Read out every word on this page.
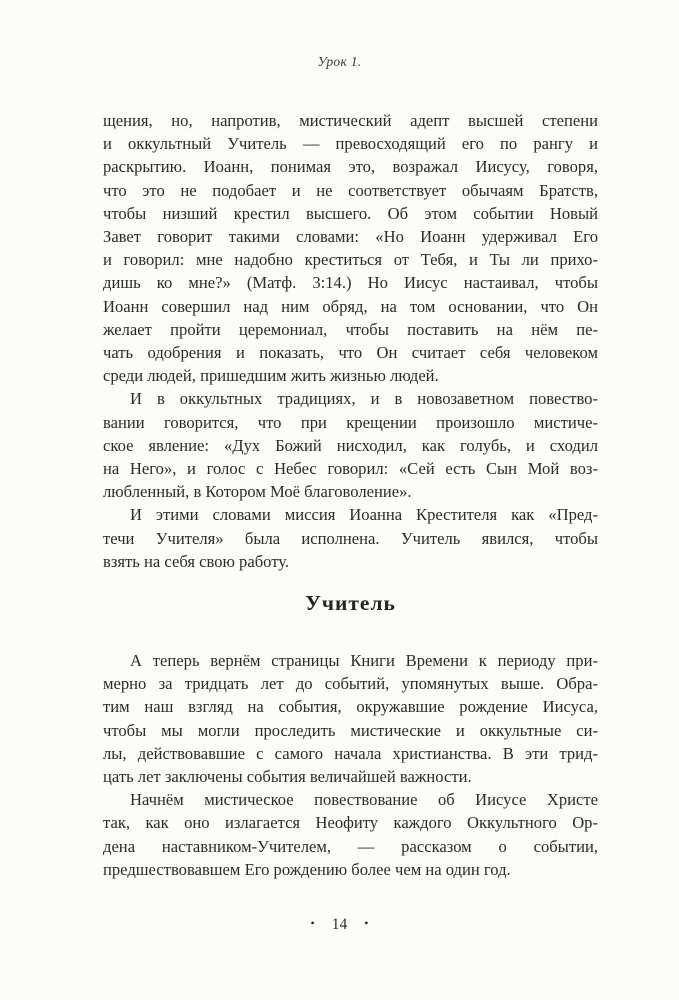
Урок 1.

щения, но, напротив, мистический адепт высшей степени
и оккультный Учитель — превосходящий его по рангу и
раскрытию. Иоанн, понимая это, возражал Иисусу, говоря,
что это не подобает и не соответствует обычаям Братств,
чтобы низший крестил высшего. Об этом событии Новый
Завет говорит такими словами: «Но Иоанн удерживал Его
и говорил: мне надобно креститься от Тебя, и Ты ли прихо-
дишь ко мне?» (Матф. 3:14.) Но Иисус настаивал, чтобы
Иоанн совершил над ним обряд, на том основании, что Он
желает пройти церемониал, чтобы поставить на нём пе-
чать одобрения и показать, что Он считает себя человеком
среди людей, пришедшим жить жизнью людей.

И в оккультных традициях, и в новозаветном повество-
вании говорится, что при крещении произошло мистиче-
ское явление: «Дух Божий нисходил, как голубь, и сходил
на Него», и голос с Небес говорил: «Сей есть Сын Мой воз-
любленный, в Котором Моё благоволение».

И этими словами миссия Иоанна Крестителя как «Пред-
течи Учителя» была исполнена. Учитель явился, чтобы
взять на себя свою работу.

Учитель

А теперь вернём страницы Книги Времени к периоду при-
мерно за тридцать лет до событий, упомянутых выше. Обра-
тим наш взгляд на события, окружавшие рождение Иисуса,
чтобы мы могли проследить мистические и оккультные си-
лы, действовавшие с самого начала христианства. В эти трид-
цать лет заключены события величайшей важности.

Начнём мистическое повествование об Иисусе Христе
так, как оно излагается Неофиту каждого Оккультного Ор-
дена наставником-Учителем, — рассказом о событии,
предшествовавшем Его рождению более чем на один год.

• 14 •
